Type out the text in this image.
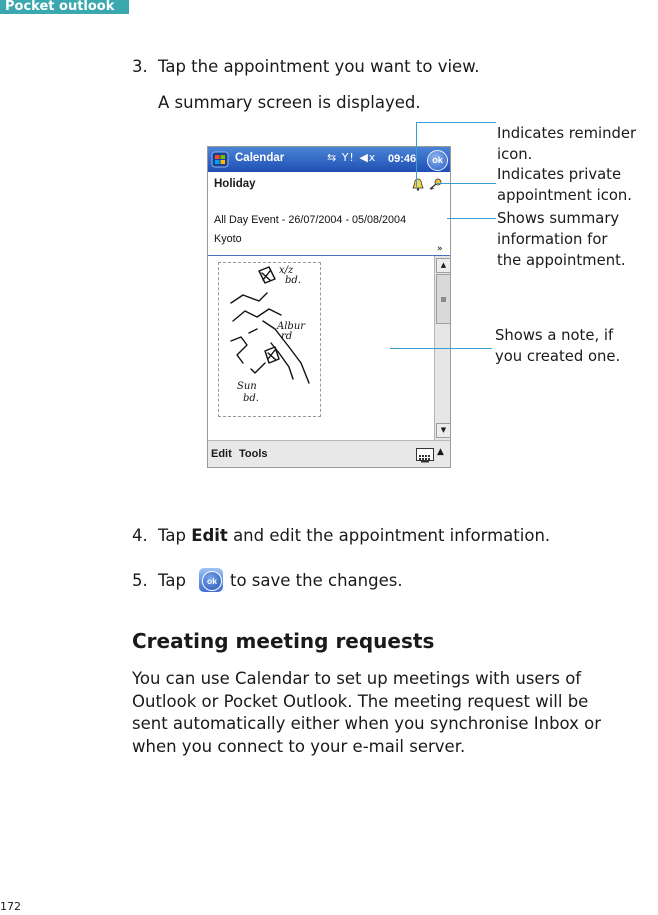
Pocket outlook
3. Tap the appointment you want to view.
A summary screen is displayed.
Calendar	⇆ Y! ◀x 09:46	ok
Holiday
All Day Event - 26/07/2004 - 05/08/2004
Kyoto
»
x/z
bd.
Albur
rd
Sun
bd.
▲
▼
Edit Tools	▲
Indicates reminder
icon.
Indicates private
appointment icon.
Shows summary
information for
the appointment.
Shows a note, if
you created one.
4. Tap Edit and edit the appointment information.
5. Tap	ok to save the changes.
Creating meeting requests
You can use Calendar to set up meetings with users of
Outlook or Pocket Outlook. The meeting request will be
sent automatically either when you synchronise Inbox or
when you connect to your e-mail server.
172
